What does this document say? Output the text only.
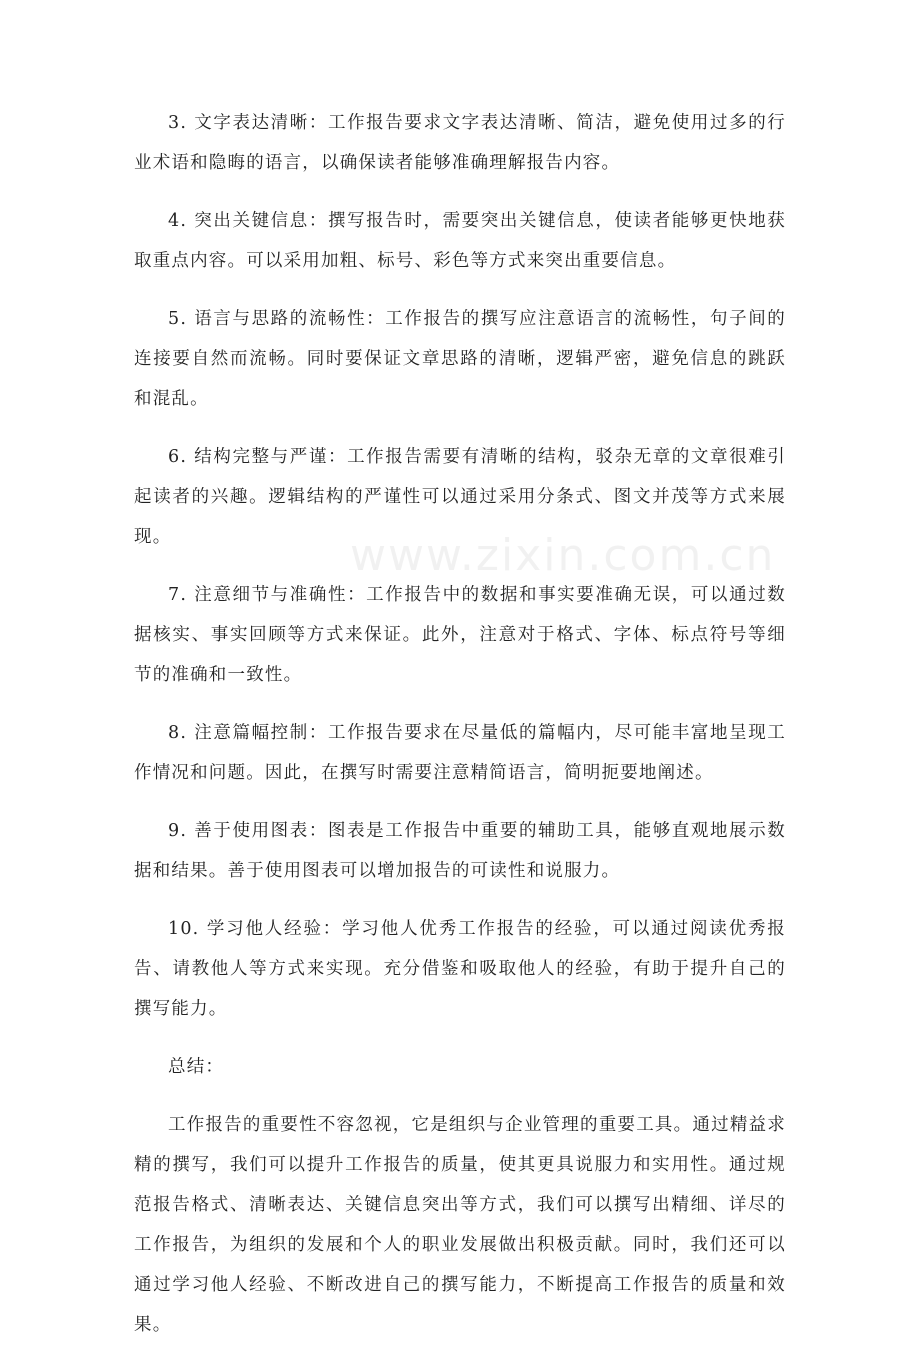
www.zixin.com.cn

3. 文字表达清晰：工作报告要求文字表达清晰、简洁，避免使用过多的行业术语和隐晦的语言，以确保读者能够准确理解报告内容。

4. 突出关键信息：撰写报告时，需要突出关键信息，使读者能够更快地获取重点内容。可以采用加粗、标号、彩色等方式来突出重要信息。

5. 语言与思路的流畅性：工作报告的撰写应注意语言的流畅性，句子间的连接要自然而流畅。同时要保证文章思路的清晰，逻辑严密，避免信息的跳跃和混乱。

6. 结构完整与严谨：工作报告需要有清晰的结构，驳杂无章的文章很难引起读者的兴趣。逻辑结构的严谨性可以通过采用分条式、图文并茂等方式来展现。

7. 注意细节与准确性：工作报告中的数据和事实要准确无误，可以通过数据核实、事实回顾等方式来保证。此外，注意对于格式、字体、标点符号等细节的准确和一致性。

8. 注意篇幅控制：工作报告要求在尽量低的篇幅内，尽可能丰富地呈现工作情况和问题。因此，在撰写时需要注意精简语言，简明扼要地阐述。

9. 善于使用图表：图表是工作报告中重要的辅助工具，能够直观地展示数据和结果。善于使用图表可以增加报告的可读性和说服力。

10. 学习他人经验：学习他人优秀工作报告的经验，可以通过阅读优秀报告、请教他人等方式来实现。充分借鉴和吸取他人的经验，有助于提升自己的撰写能力。

总结：

工作报告的重要性不容忽视，它是组织与企业管理的重要工具。通过精益求精的撰写，我们可以提升工作报告的质量，使其更具说服力和实用性。通过规范报告格式、清晰表达、关键信息突出等方式，我们可以撰写出精细、详尽的工作报告，为组织的发展和个人的职业发展做出积极贡献。同时，我们还可以通过学习他人经验、不断改进自己的撰写能力，不断提高工作报告的质量和效果。
